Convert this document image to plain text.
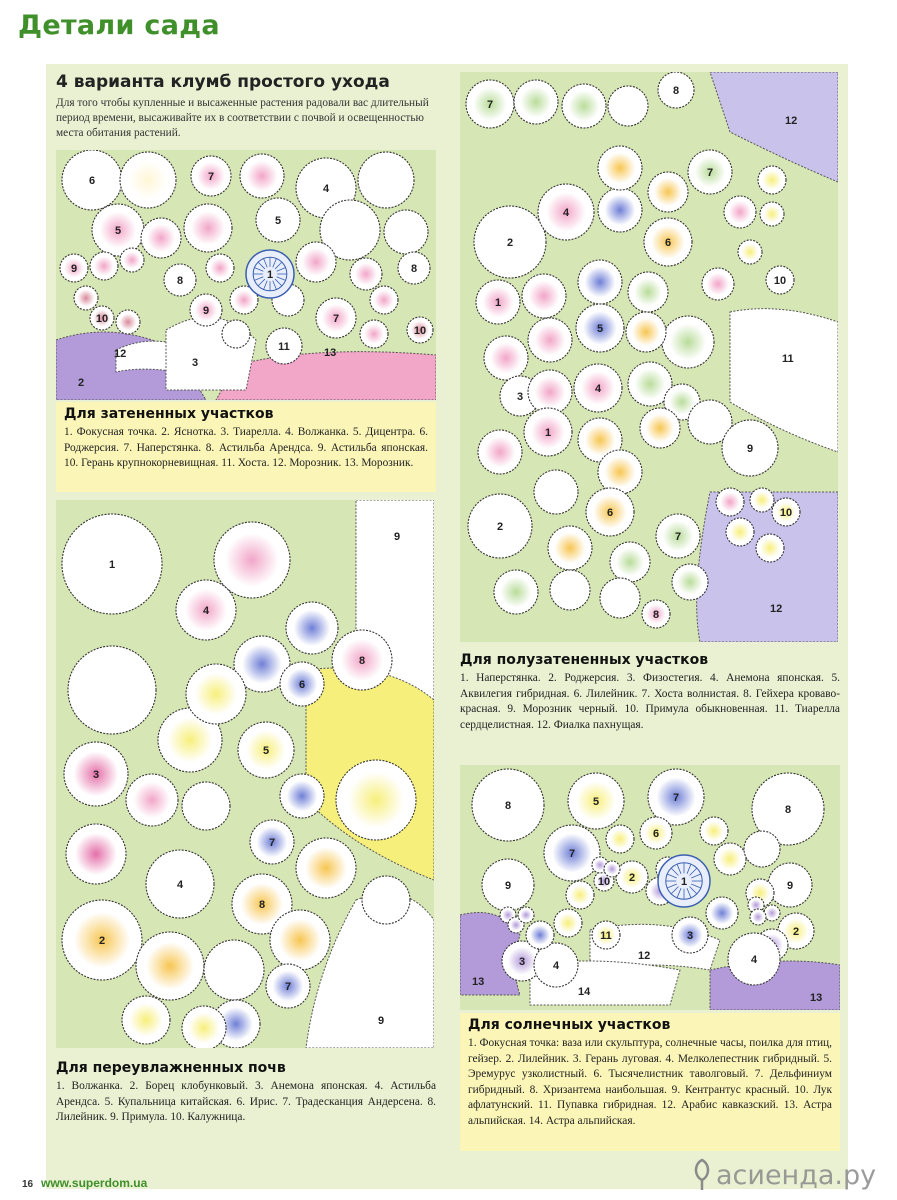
Детали сада
4 варианта клумб простого ухода

Для того чтобы купленные и высаженные растения радовали вас длительный период времени, высаживайте их в соответствии с почвой и освещенностью места обитания растений.

2
12	13
3
6	7
4
5
5
9
8
8
10
9
7
10
11
1
Для затененных участков

1. Фокусная точка. 2. Яснотка. 3. Тиарелла. 4. Волжанка. 5. Дицентра. 6. Роджерсия. 7. Наперстянка. 8. Астильба Арендса. 9. Астильба японская. 10. Герань крупнокорневищная. 11. Хоста. 12. Морозник. 13. Морозник.

12
12
11
7
8
2
4
6
7
10
1
5
3
4
1
9
2
6
7
10
8
Для полузатененных участков

1. Наперстянка. 2. Роджерсия. 3. Физостегия. 4. Анемона японская. 5. Аквилегия гибридная. 6. Лилейник. 7. Хоста волнистая. 8. Гейхера кроваво-красная. 9. Морозник черный. 10. Примула обыкновенная. 11. Тиарелла сердцелистная. 12. Фиалка пахнущая.

9
9
1
4
8
6
5
3
7
4
8
2
7
Для переувлажненных почв

1. Волжанка. 2. Борец клобунковый. 3. Анемона японская. 4. Астильба Арендса. 5. Купальница китайская. 6. Ирис. 7. Традесканция Андерсена. 8. Лилейник. 9. Примула. 10. Калужница.

13
13
12
14
8	5	7
8
7
6
9
2
10	9
11	3	2
4
3	4
1
Для солнечных участков

1. Фокусная точка: ваза или скульптура, солнечные часы, поилка для птиц, гейзер. 2. Лилейник. 3. Герань луговая. 4. Мелколепестник гибридный. 5. Эремурус узколистный. 6. Тысячелистник таволговый. 7. Дельфиниум гибридный. 8. Хризантема наибольшая. 9. Кентрантус красный. 10. Лук афлатунский. 11. Пупавка гибридная. 12. Арабис кавказский. 13. Астра альпийская. 14. Астра альпийская.

16 www.superdom.ua	асиенда.ру
